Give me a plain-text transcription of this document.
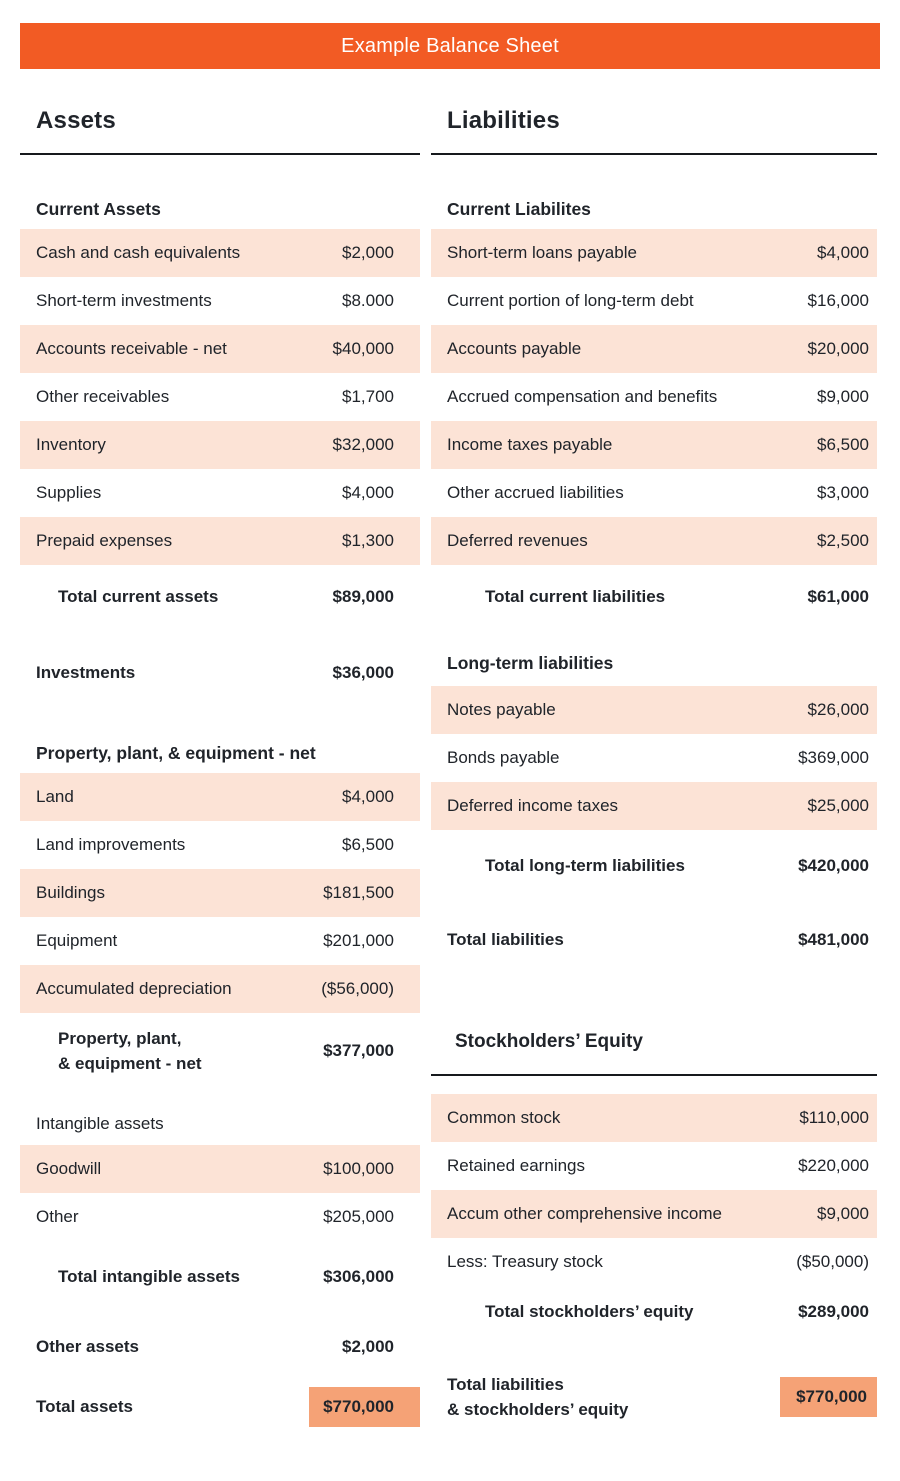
Example Balance Sheet
Assets
Current Assets
Cash and cash equivalents	$2,000
Short-term investments	$8.000
Accounts receivable - net	$40,000
Other receivables	$1,700
Inventory	$32,000
Supplies	$4,000
Prepaid expenses	$1,300
Total current assets	$89,000
Investments	$36,000
Property, plant, & equipment - net
Land	$4,000
Land improvements	$6,500
Buildings	$181,500
Equipment	$201,000
Accumulated depreciation	($56,000)
Property, plant,
& equipment - net
$377,000
Intangible assets
Goodwill	$100,000
Other	$205,000
Total intangible assets	$306,000
Other assets	$2,000
Total assets	$770,000
Liabilities
Current Liabilites
Short-term loans payable	$4,000
Current portion of long-term debt	$16,000
Accounts payable	$20,000
Accrued compensation and benefits	$9,000
Income taxes payable	$6,500
Other accrued liabilities	$3,000
Deferred revenues	$2,500
Total current liabilities	$61,000
Long-term liabilities
Notes payable	$26,000
Bonds payable	$369,000
Deferred income taxes	$25,000
Total long-term liabilities	$420,000
Total liabilities	$481,000
Stockholders’ Equity
Common stock	$110,000
Retained earnings	$220,000
Accum other comprehensive income	$9,000
Less: Treasury stock	($50,000)
Total stockholders’ equity	$289,000
Total liabilities
& stockholders’ equity
$770,000
